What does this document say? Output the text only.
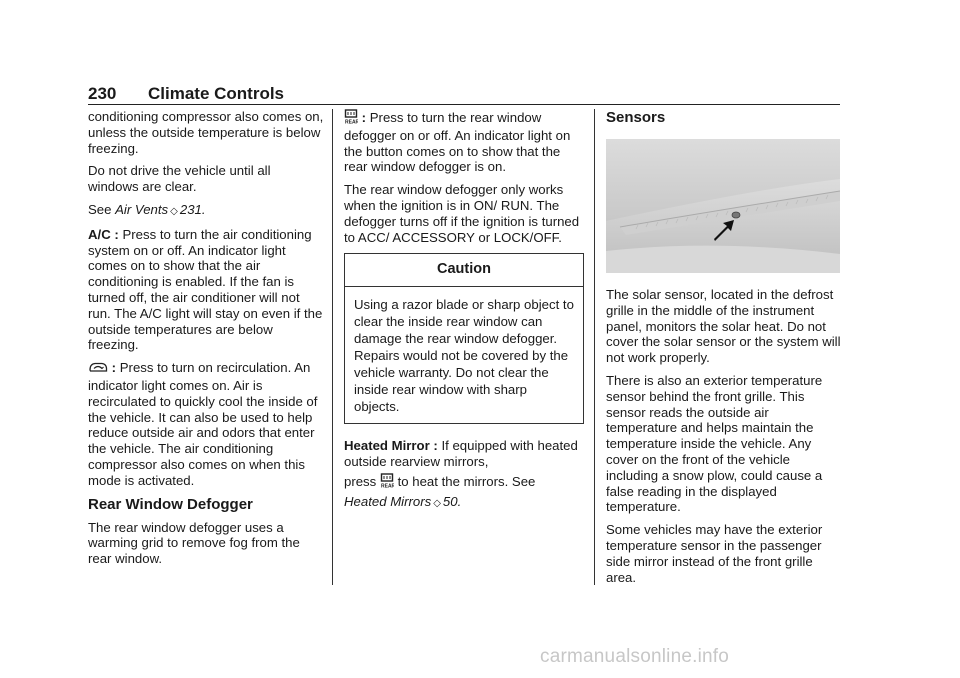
230 Climate Controls

conditioning compressor also comes on, unless the outside temperature is below freezing.

Do not drive the vehicle until all windows are clear.

See Air Vents ◇ 231.

A/C : Press to turn the air conditioning system on or off. An indicator light comes on to show that the air conditioning is enabled. If the fan is turned off, the air conditioner will not run. The A/C light will stay on even if the outside temperatures are below freezing.

: Press to turn on recirculation. An indicator light comes on. Air is recirculated to quickly cool the inside of the vehicle. It can also be used to help reduce outside air and odors that enter the vehicle. The air conditioning compressor also comes on when this mode is activated.

Rear Window Defogger

The rear window defogger uses a warming grid to remove fog from the rear window.

REAR : Press to turn the rear window defogger on or off. An indicator light on the button comes on to show that the rear window defogger is on.

The rear window defogger only works when the ignition is in ON/ RUN. The defogger turns off if the ignition is turned to ACC/ ACCESSORY or LOCK/OFF.

Caution
Using a razor blade or sharp object to clear the inside rear window can damage the rear window defogger. Repairs would not be covered by the vehicle warranty. Do not clear the inside rear window with sharp objects.

Heated Mirror : If equipped with heated outside rearview mirrors,

press REAR to heat the mirrors. See

Heated Mirrors ◇ 50.

Sensors

The solar sensor, located in the defrost grille in the middle of the instrument panel, monitors the solar heat. Do not cover the solar sensor or the system will not work properly.

There is also an exterior temperature sensor behind the front grille. This sensor reads the outside air temperature and helps maintain the temperature inside the vehicle. Any cover on the front of the vehicle including a snow plow, could cause a false reading in the displayed temperature.

Some vehicles may have the exterior temperature sensor in the passenger side mirror instead of the front grille area.

carmanualsonline.info
